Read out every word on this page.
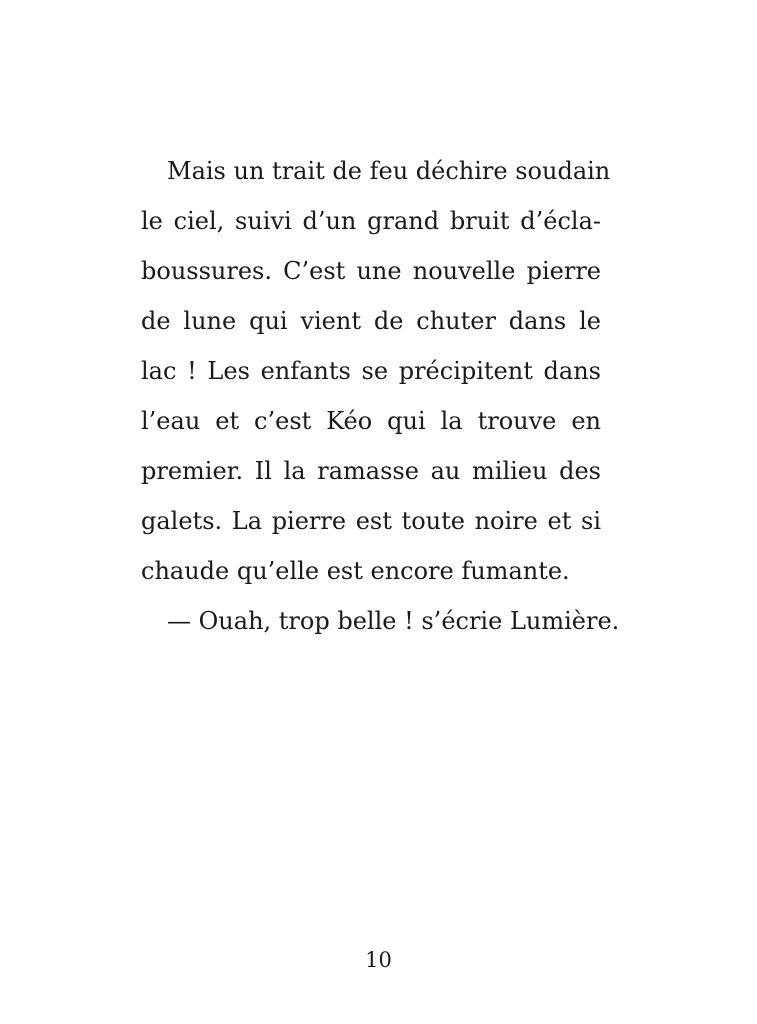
Mais un trait de feu déchire soudain
le ciel, suivi d’un grand bruit d’écla-
boussures. C’est une nouvelle pierre
de lune qui vient de chuter dans le
lac ! Les enfants se précipitent dans
l’eau et c’est Kéo qui la trouve en
premier. Il la ramasse au milieu des
galets. La pierre est toute noire et si
chaude qu’elle est encore fumante.
— Ouah, trop belle ! s’écrie Lumière.
10
